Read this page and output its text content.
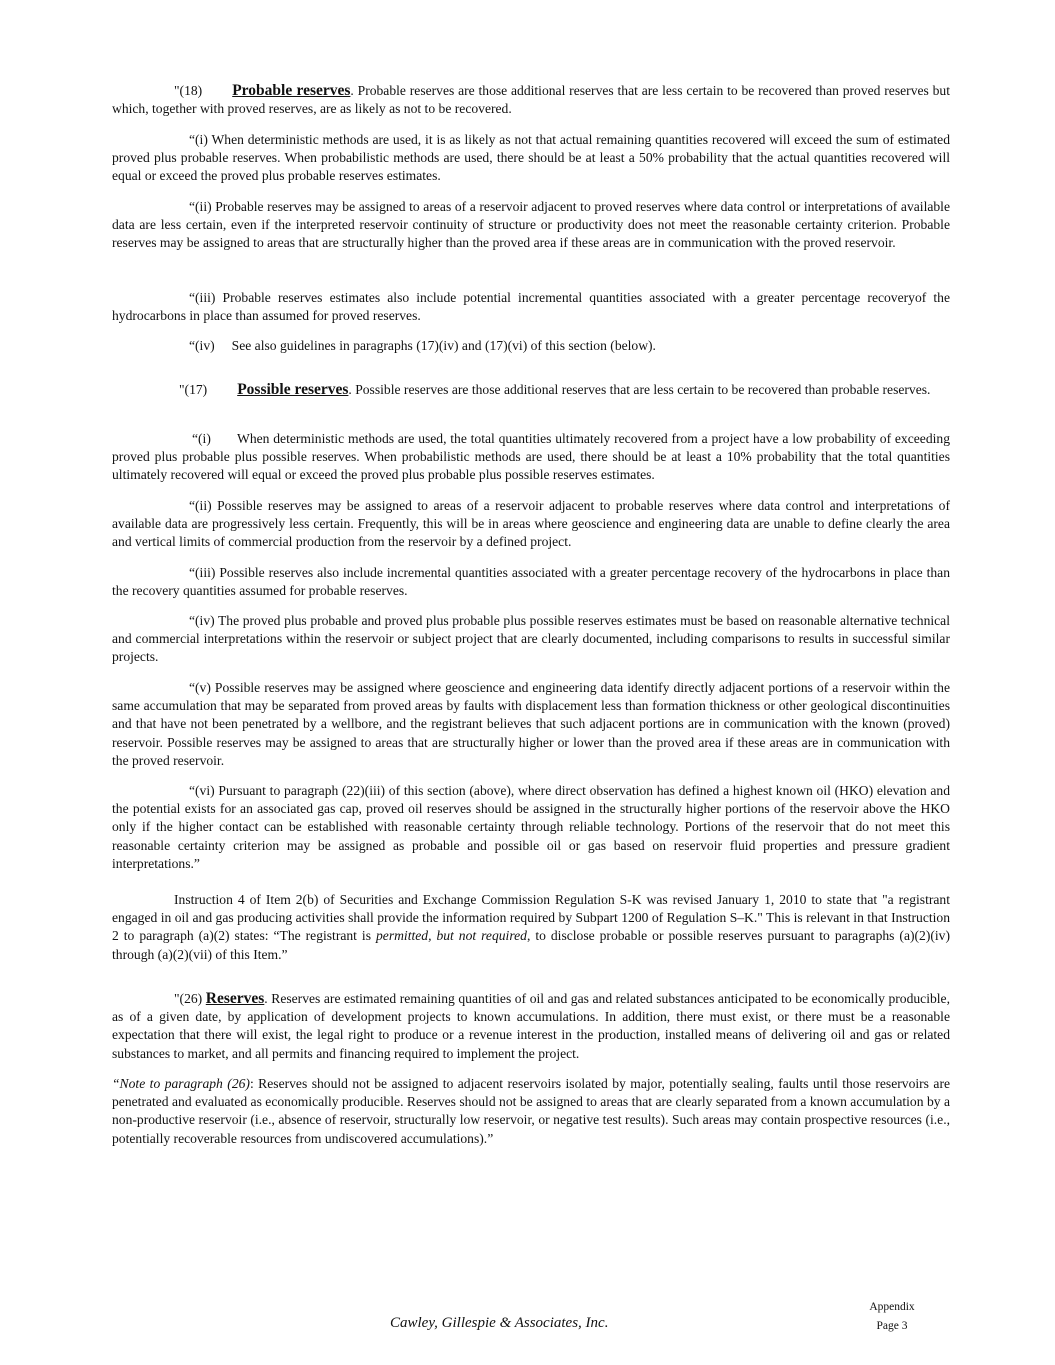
"(18) Probable reserves. Probable reserves are those additional reserves that are less certain to be recovered than proved reserves but which, together with proved reserves, are as likely as not to be recovered.

“(i) When deterministic methods are used, it is as likely as not that actual remaining quantities recovered will exceed the sum of estimated proved plus probable reserves. When probabilistic methods are used, there should be at least a 50% probability that the actual quantities recovered will equal or exceed the proved plus probable reserves estimates.

“(ii) Probable reserves may be assigned to areas of a reservoir adjacent to proved reserves where data control or interpretations of available data are less certain, even if the interpreted reservoir continuity of structure or productivity does not meet the reasonable certainty criterion. Probable reserves may be assigned to areas that are structurally higher than the proved area if these areas are in communication with the proved reservoir.

“(iii) Probable reserves estimates also include potential incremental quantities associated with a greater percentage recoveryof the hydrocarbons in place than assumed for proved reserves.

“(iv)     See also guidelines in paragraphs (17)(iv) and (17)(vi) of this section (below).

"(17) Possible reserves. Possible reserves are those additional reserves that are less certain to be recovered than probable reserves.

“(i)       When deterministic methods are used, the total quantities ultimately recovered from a project have a low probability of exceeding proved plus probable plus possible reserves. When probabilistic methods are used, there should be at least a 10% probability that the total quantities ultimately recovered will equal or exceed the proved plus probable plus possible reserves estimates.

“(ii) Possible reserves may be assigned to areas of a reservoir adjacent to probable reserves where data control and interpretations of available data are progressively less certain. Frequently, this will be in areas where geoscience and engineering data are unable to define clearly the area and vertical limits of commercial production from the reservoir by a defined project.

“(iii) Possible reserves also include incremental quantities associated with a greater percentage recovery of the hydrocarbons in place than the recovery quantities assumed for probable reserves.

“(iv) The proved plus probable and proved plus probable plus possible reserves estimates must be based on reasonable alternative technical and commercial interpretations within the reservoir or subject project that are clearly documented, including comparisons to results in successful similar projects.

“(v) Possible reserves may be assigned where geoscience and engineering data identify directly adjacent portions of a reservoir within the same accumulation that may be separated from proved areas by faults with displacement less than formation thickness or other geological discontinuities and that have not been penetrated by a wellbore, and the registrant believes that such adjacent portions are in communication with the known (proved) reservoir. Possible reserves may be assigned to areas that are structurally higher or lower than the proved area if these areas are in communication with the proved reservoir.

“(vi) Pursuant to paragraph (22)(iii) of this section (above), where direct observation has defined a highest known oil (HKO) elevation and the potential exists for an associated gas cap, proved oil reserves should be assigned in the structurally higher portions of the reservoir above the HKO only if the higher contact can be established with reasonable certainty through reliable technology. Portions of the reservoir that do not meet this reasonable certainty criterion may be assigned as probable and possible oil or gas based on reservoir fluid properties and pressure gradient interpretations.”

Instruction 4 of Item 2(b) of Securities and Exchange Commission Regulation S-K was revised January 1, 2010 to state that "a registrant engaged in oil and gas producing activities shall provide the information required by Subpart 1200 of Regulation S–K." This is relevant in that Instruction 2 to paragraph (a)(2) states: “The registrant is permitted, but not required, to disclose probable or possible reserves pursuant to paragraphs (a)(2)(iv) through (a)(2)(vii) of this Item.”

"(26) Reserves. Reserves are estimated remaining quantities of oil and gas and related substances anticipated to be economically producible, as of a given date, by application of development projects to known accumulations. In addition, there must exist, or there must be a reasonable expectation that there will exist, the legal right to produce or a revenue interest in the production, installed means of delivering oil and gas or related substances to market, and all permits and financing required to implement the project.

“Note to paragraph (26): Reserves should not be assigned to adjacent reservoirs isolated by major, potentially sealing, faults until those reservoirs are penetrated and evaluated as economically producible. Reserves should not be assigned to areas that are clearly separated from a known accumulation by a non-productive reservoir (i.e., absence of reservoir, structurally low reservoir, or negative test results). Such areas may contain prospective resources (i.e., potentially recoverable resources from undiscovered accumulations).”

Cawley, Gillespie & Associates, Inc.
Appendix
Page 3
